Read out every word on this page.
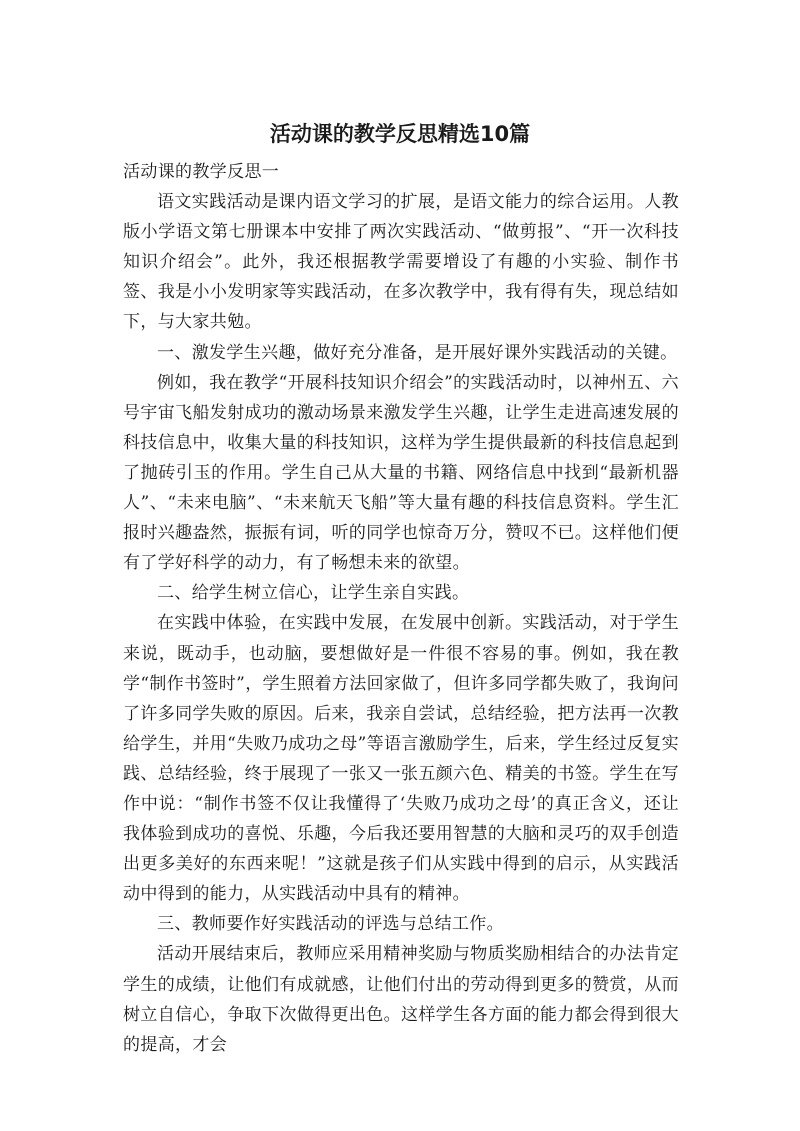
活动课的教学反思精选10篇

活动课的教学反思一

语文实践活动是课内语文学习的扩展，是语文能力的综合运用。人教版小学语文第七册课本中安排了两次实践活动、“做剪报”、“开一次科技知识介绍会”。此外，我还根据教学需要增设了有趣的小实验、制作书签、我是小小发明家等实践活动，在多次教学中，我有得有失，现总结如下，与大家共勉。

一、激发学生兴趣，做好充分准备，是开展好课外实践活动的关键。

例如，我在教学“开展科技知识介绍会”的实践活动时，以神州五、六号宇宙飞船发射成功的激动场景来激发学生兴趣，让学生走进高速发展的科技信息中，收集大量的科技知识，这样为学生提供最新的科技信息起到了抛砖引玉的作用。学生自己从大量的书籍、网络信息中找到“最新机器人”、“未来电脑”、“未来航天飞船”等大量有趣的科技信息资料。学生汇报时兴趣盎然，振振有词，听的同学也惊奇万分，赞叹不已。这样他们便有了学好科学的动力，有了畅想未来的欲望。

二、给学生树立信心，让学生亲自实践。

在实践中体验，在实践中发展，在发展中创新。实践活动，对于学生来说，既动手，也动脑，要想做好是一件很不容易的事。例如，我在教学“制作书签时”，学生照着方法回家做了，但许多同学都失败了，我询问了许多同学失败的原因。后来，我亲自尝试，总结经验，把方法再一次教给学生，并用“失败乃成功之母”等语言激励学生，后来，学生经过反复实践、总结经验，终于展现了一张又一张五颜六色、精美的书签。学生在写作中说：“制作书签不仅让我懂得了‘失败乃成功之母’的真正含义，还让我体验到成功的喜悦、乐趣，今后我还要用智慧的大脑和灵巧的双手创造出更多美好的东西来呢！”这就是孩子们从实践中得到的启示，从实践活动中得到的能力，从实践活动中具有的精神。

三、教师要作好实践活动的评选与总结工作。

活动开展结束后，教师应采用精神奖励与物质奖励相结合的办法肯定学生的成绩，让他们有成就感，让他们付出的劳动得到更多的赞赏，从而树立自信心，争取下次做得更出色。这样学生各方面的能力都会得到很大的提高，才会
